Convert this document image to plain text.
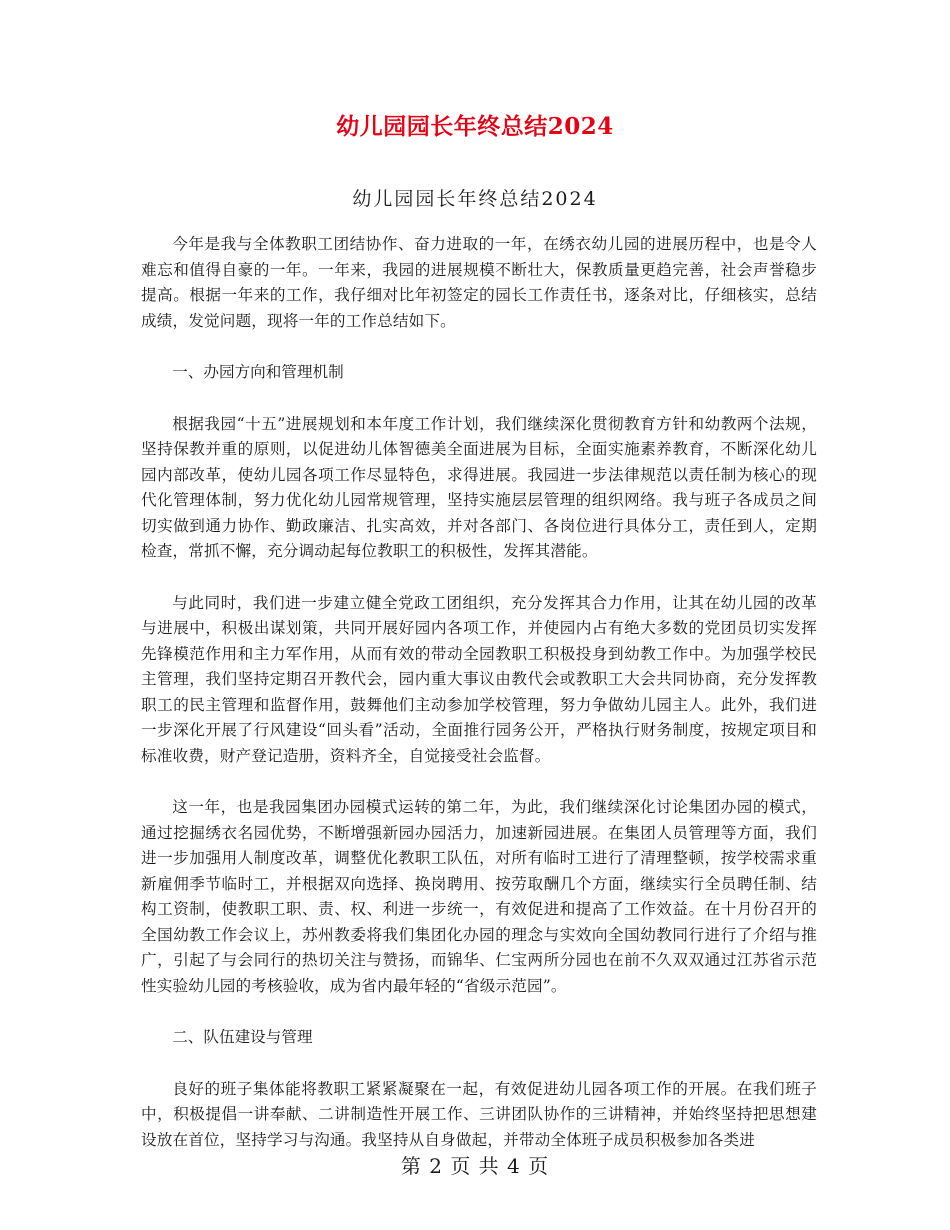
幼儿园园长年终总结2024
幼儿园园长年终总结2024

今年是我与全体教职工团结协作、奋力进取的一年，在绣衣幼儿园的进展历程中，也是令人难忘和值得自豪的一年。一年来，我园的进展规模不断壮大，保教质量更趋完善，社会声誉稳步提高。根据一年来的工作，我仔细对比年初签定的园长工作责任书，逐条对比，仔细核实，总结成绩，发觉问题，现将一年的工作总结如下。

一、办园方向和管理机制

根据我园“十五”进展规划和本年度工作计划，我们继续深化贯彻教育方针和幼教两个法规，坚持保教并重的原则，以促进幼儿体智德美全面进展为目标，全面实施素养教育，不断深化幼儿园内部改革，使幼儿园各项工作尽显特色，求得进展。我园进一步法律规范以责任制为核心的现代化管理体制，努力优化幼儿园常规管理，坚持实施层层管理的组织网络。我与班子各成员之间切实做到通力协作、勤政廉洁、扎实高效，并对各部门、各岗位进行具体分工，责任到人，定期检查，常抓不懈，充分调动起每位教职工的积极性，发挥其潜能。

与此同时，我们进一步建立健全党政工团组织，充分发挥其合力作用，让其在幼儿园的改革与进展中，积极出谋划策，共同开展好园内各项工作，并使园内占有绝大多数的党团员切实发挥先锋模范作用和主力军作用，从而有效的带动全园教职工积极投身到幼教工作中。为加强学校民主管理，我们坚持定期召开教代会，园内重大事议由教代会或教职工大会共同协商，充分发挥教职工的民主管理和监督作用，鼓舞他们主动参加学校管理，努力争做幼儿园主人。此外，我们进一步深化开展了行风建设“回头看”活动，全面推行园务公开，严格执行财务制度，按规定项目和标准收费，财产登记造册，资料齐全，自觉接受社会监督。

这一年，也是我园集团办园模式运转的第二年，为此，我们继续深化讨论集团办园的模式，通过挖掘绣衣名园优势，不断增强新园办园活力，加速新园进展。在集团人员管理等方面，我们进一步加强用人制度改革，调整优化教职工队伍，对所有临时工进行了清理整顿，按学校需求重新雇佣季节临时工，并根据双向选择、换岗聘用、按劳取酬几个方面，继续实行全员聘任制、结构工资制，使教职工职、责、权、利进一步统一，有效促进和提高了工作效益。在十月份召开的全国幼教工作会议上，苏州教委将我们集团化办园的理念与实效向全国幼教同行进行了介绍与推广，引起了与会同行的热切关注与赞扬，而锦华、仁宝两所分园也在前不久双双通过江苏省示范性实验幼儿园的考核验收，成为省内最年轻的“省级示范园”。

二、队伍建设与管理

良好的班子集体能将教职工紧紧凝聚在一起，有效促进幼儿园各项工作的开展。在我们班子中，积极提倡一讲奉献、二讲制造性开展工作、三讲团队协作的三讲精神，并始终坚持把思想建设放在首位，坚持学习与沟通。我坚持从自身做起，并带动全体班子成员积极参加各类进

第 2 页 共 4 页
